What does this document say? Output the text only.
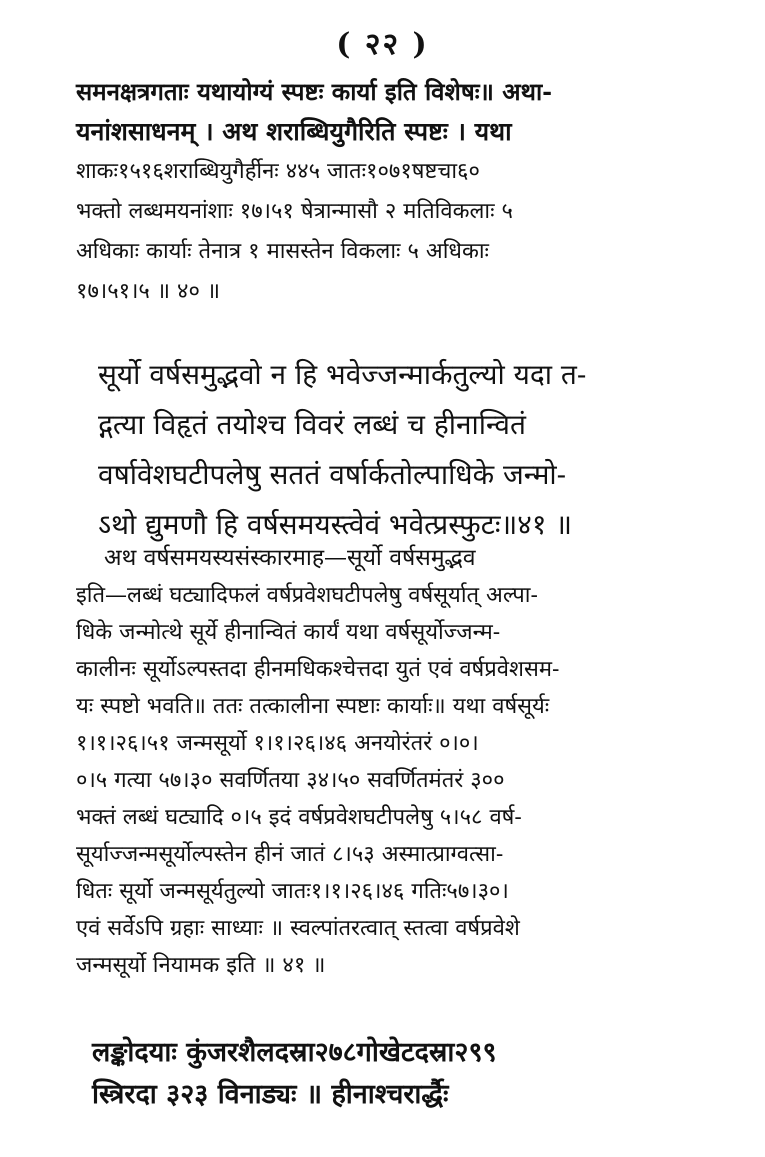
( २२ )
समनक्षत्रगताः यथायोग्यं स्पष्टः कार्या इति विशेषः॥ अथा-
यनांशसाधनम् । अथ शराब्धियुगैरिति स्पष्टः । यथा
शाकः१५१६शराब्धियुगैर्हीनः ४४५ जातः१०७१षष्टचा६०
भक्तो लब्धमयनांशाः १७।५१ षेत्रान्मासौ २ मतिविकलाः ५
अधिकाः कार्याः तेनात्र १ मासस्तेन विकलाः ५ अधिकाः
१७।५१।५ ॥ ४० ॥
सूर्यो वर्षसमुद्भवो न हि भवेज्जन्मार्कतुल्यो यदा त-
द्गत्या विहृतं तयोश्च विवरं लब्धं च हीनान्वितं
वर्षावेशघटीपलेषु सततं वर्षार्कतोल्पाधिके जन्मो-
ऽथो द्युमणौ हि वर्षसमयस्त्वेवं भवेत्प्रस्फुटः॥४१ ॥
अथ वर्षसमयस्यसंस्कारमाह—सूर्यो वर्षसमुद्भव
इति—लब्धं घट्यादिफलं वर्षप्रवेशघटीपलेषु वर्षसूर्यात् अल्पा-
धिके जन्मोत्थे सूर्ये हीनान्वितं कार्यं यथा वर्षसूर्योज्जन्म-
कालीनः सूर्योऽल्पस्तदा हीनमधिकश्चेत्तदा युतं एवं वर्षप्रवेशसम-
यः स्पष्टो भवति॥ ततः तत्कालीना स्पष्टाः कार्याः॥ यथा वर्षसूर्यः
१।१।२६।५१ जन्मसूर्यो १।१।२६।४६ अनयोरंतरं ०।०।
०।५ गत्या ५७।३० सवर्णितया ३४।५० सवर्णितमंतरं ३००
भक्तं लब्धं घट्यादि ०।५ इदं वर्षप्रवेशघटीपलेषु ५।५८ वर्ष-
सूर्याज्जन्मसूर्योल्पस्तेन हीनं जातं ८।५३ अस्मात्प्राग्वत्सा-
धितः सूर्यो जन्मसूर्यतुल्यो जातः१।१।२६।४६ गतिः५७।३०।
एवं सर्वेऽपि ग्रहाः साध्याः ॥ स्वल्पांतरत्वात् स्तत्वा वर्षप्रवेशे
जन्मसूर्यो नियामक इति ॥ ४१ ॥
लङ्कोदयाः कुंजरशैलदस्रा२७८गोखेटदस्रा२९९
स्त्रिरदा ३२३ विनाड्यः ॥ हीनाश्चरार्द्धैः
